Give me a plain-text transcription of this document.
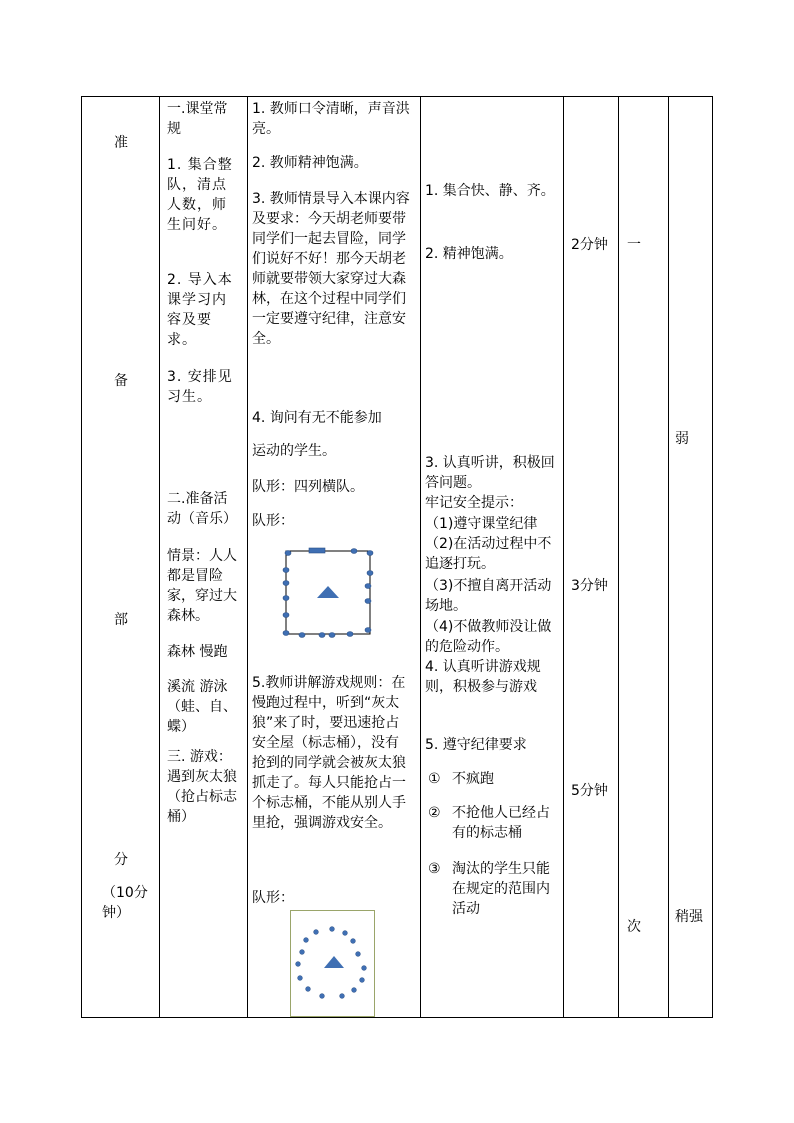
准
备
部
分
（10分
钟）
一.课堂常规
1. 集合整队，清点人数，师生问好。
2. 导入本课学习内容及要求。
3. 安排见习生。
二.准备活动（音乐）
情景：人人都是冒险家，穿过大森林。
森林 慢跑
溪流 游泳（蛙、自、蝶）
三. 游戏：遇到灰太狼（抢占标志桶）
1. 教师口令清晰，声音洪亮。
2. 教师精神饱满。
3. 教师情景导入本课内容及要求：今天胡老师要带同学们一起去冒险，同学们说好不好！那今天胡老师就要带领大家穿过大森林，在这个过程中同学们一定要遵守纪律，注意安全。
4. 询问有无不能参加
运动的学生。
队形：四列横队。
队形：
5.教师讲解游戏规则：在慢跑过程中，听到“灰太狼”来了时，要迅速抢占安全屋（标志桶），没有抢到的同学就会被灰太狼抓走了。每人只能抢占一个标志桶，不能从别人手里抢，强调游戏安全。
队形：
1. 集合快、静、齐。
2. 精神饱满。
3. 认真听讲，积极回答问题。
牢记安全提示：
（1)遵守课堂纪律
（2)在活动过程中不追逐打玩。
（3)不擅自离开活动场地。
（4)不做教师没让做的危险动作。
4. 认真听讲游戏规则，积极参与游戏
5. 遵守纪律要求
① 不疯跑
② 不抢他人已经占有的标志桶
③ 淘汰的学生只能在规定的范围内活动
2分钟
3分钟
5分钟
一
次
弱
稍强
